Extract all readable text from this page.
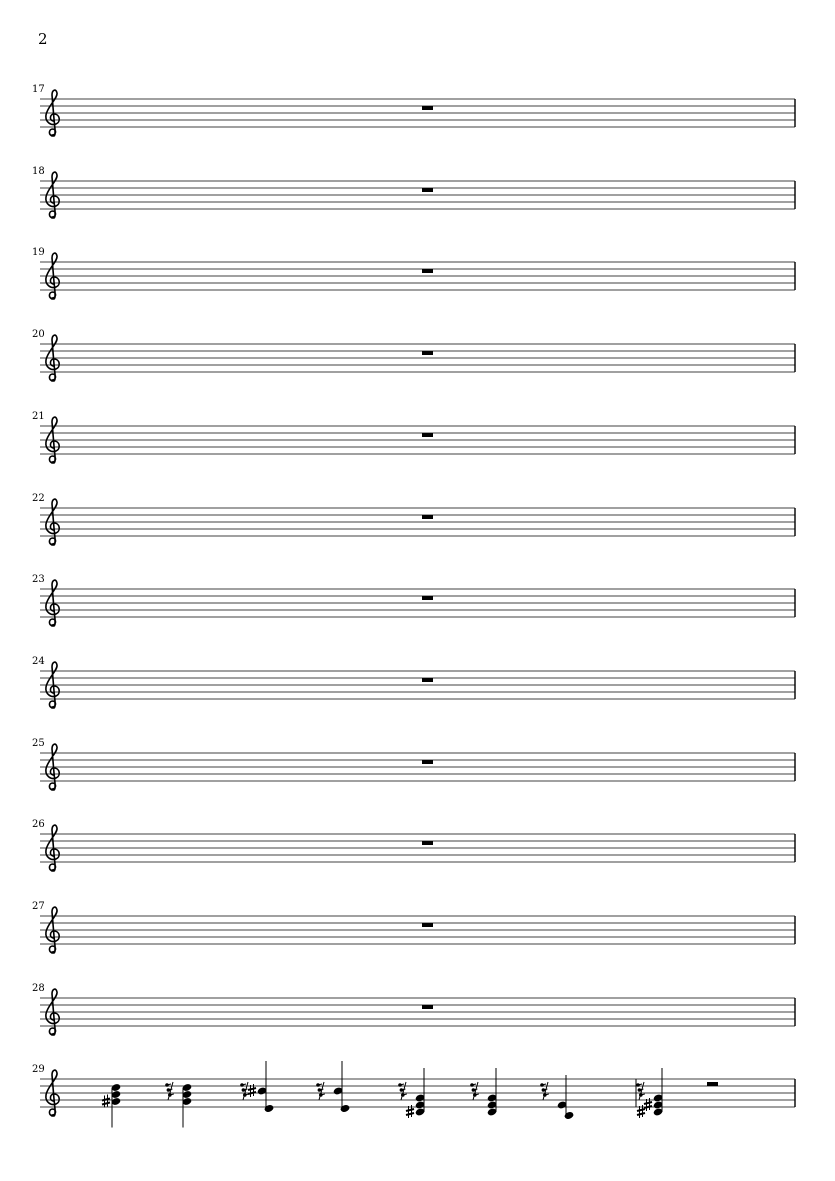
2
17
18
19
20
21
22
23
24
25
26
27
28
29
